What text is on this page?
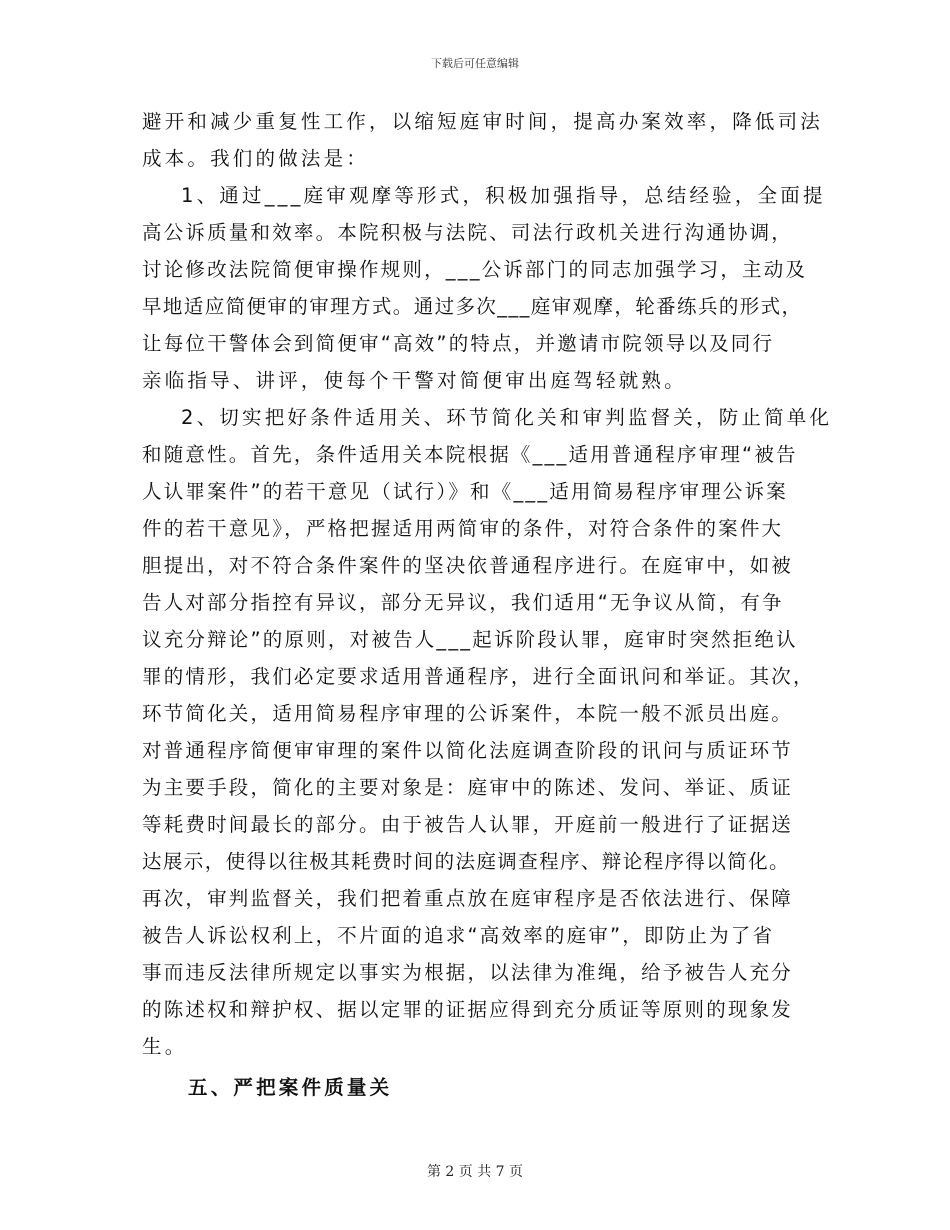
下载后可任意编辑
避开和减少重复性工作，以缩短庭审时间，提高办案效率，降低司法
成本。我们的做法是：
1、通过___庭审观摩等形式，积极加强指导，总结经验，全面提
高公诉质量和效率。本院积极与法院、司法行政机关进行沟通协调，
讨论修改法院简便审操作规则，___公诉部门的同志加强学习，主动及
早地适应简便审的审理方式。通过多次___庭审观摩，轮番练兵的形式，
让每位干警体会到简便审“高效”的特点，并邀请市院领导以及同行
亲临指导、讲评，使每个干警对简便审出庭驾轻就熟。
2、切实把好条件适用关、环节简化关和审判监督关，防止简单化
和随意性。首先，条件适用关本院根据《___适用普通程序审理“被告
人认罪案件”的若干意见（试行）》和《___适用简易程序审理公诉案
件的若干意见》，严格把握适用两简审的条件，对符合条件的案件大
胆提出，对不符合条件案件的坚决依普通程序进行。在庭审中，如被
告人对部分指控有异议，部分无异议，我们适用“无争议从简，有争
议充分辩论”的原则，对被告人___起诉阶段认罪，庭审时突然拒绝认
罪的情形，我们必定要求适用普通程序，进行全面讯问和举证。其次，
环节简化关，适用简易程序审理的公诉案件，本院一般不派员出庭。
对普通程序简便审审理的案件以简化法庭调查阶段的讯问与质证环节
为主要手段，简化的主要对象是：庭审中的陈述、发问、举证、质证
等耗费时间最长的部分。由于被告人认罪，开庭前一般进行了证据送
达展示，使得以往极其耗费时间的法庭调查程序、辩论程序得以简化。
再次，审判监督关，我们把着重点放在庭审程序是否依法进行、保障
被告人诉讼权利上，不片面的追求“高效率的庭审”，即防止为了省
事而违反法律所规定以事实为根据，以法律为准绳，给予被告人充分
的陈述权和辩护权、据以定罪的证据应得到充分质证等原则的现象发
生。
五、严把案件质量关
第 2 页 共 7 页
